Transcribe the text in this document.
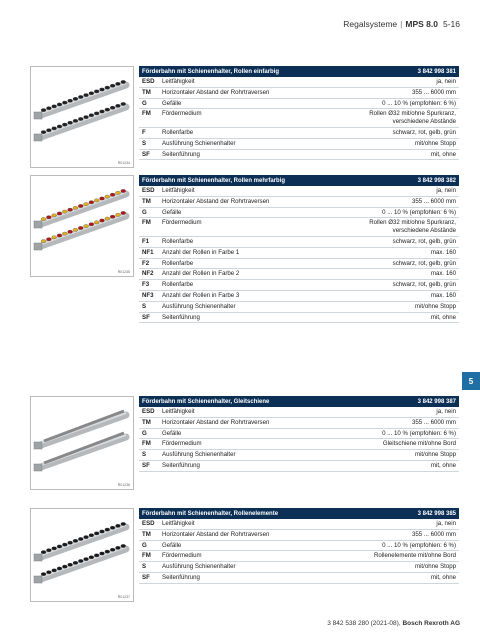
Regalsysteme | MPS 8.0 5-16
5
R01234
Förderbahn mit Schienenhalter, Rollen einfarbig	3 842 998 381
ESD	Leitfähigkeit	ja, nein
TM	Horizontaler Abstand der Rohrtraversen	355 ... 6000 mm
G	Gefälle	0 ... 10 % (empfohlen: 6 %)
FM	Fördermedium	Rollen Ø32 mit/ohne Spurkranz,
verschiedene Abstände
F	Rollenfarbe	schwarz, rot, gelb, grün
S	Ausführung Schienenhalter	mit/ohne Stopp
SF	Seitenführung	mit, ohne
R01235
Förderbahn mit Schienenhalter, Rollen mehrfarbig	3 842 998 382
ESD	Leitfähigkeit	ja, nein
TM	Horizontaler Abstand der Rohrtraversen	355 ... 6000 mm
G	Gefälle	0 ... 10 % (empfohlen: 6 %)
FM	Fördermedium	Rollen Ø32 mit/ohne Spurkranz,
verschiedene Abstände
F1	Rollenfarbe	schwarz, rot, gelb, grün
NF1	Anzahl der Rollen in Farbe 1	max. 160
F2	Rollenfarbe	schwarz, rot, gelb, grün
NF2	Anzahl der Rollen in Farbe 2	max. 160
F3	Rollenfarbe	schwarz, rot, gelb, grün
NF3	Anzahl der Rollen in Farbe 3	max. 160
S	Ausführung Schienenhalter	mit/ohne Stopp
SF	Seitenführung	mit, ohne
R01236
Förderbahn mit Schienenhalter, Gleitschiene	3 842 998 387
ESD	Leitfähigkeit	ja, nein
TM	Horizontaler Abstand der Rohrtraversen	355 ... 6000 mm
G	Gefälle	0 ... 10 % (empfohlen: 6 %)
FM	Fördermedium	Gleitschiene mit/ohne Bord
S	Ausführung Schienenhalter	mit/ohne Stopp
SF	Seitenführung	mit, ohne
R01237
Förderbahn mit Schienenhalter, Rollenelemente	3 842 998 385
ESD	Leitfähigkeit	ja, nein
TM	Horizontaler Abstand der Rohrtraversen	355 ... 6000 mm
G	Gefälle	0 ... 10 % (empfohlen: 6 %)
FM	Fördermedium	Rollenelemente mit/ohne Bord
S	Ausführung Schienenhalter	mit/ohne Stopp
SF	Seitenführung	mit, ohne
3 842 538 280 (2021-08), Bosch Rexroth AG
